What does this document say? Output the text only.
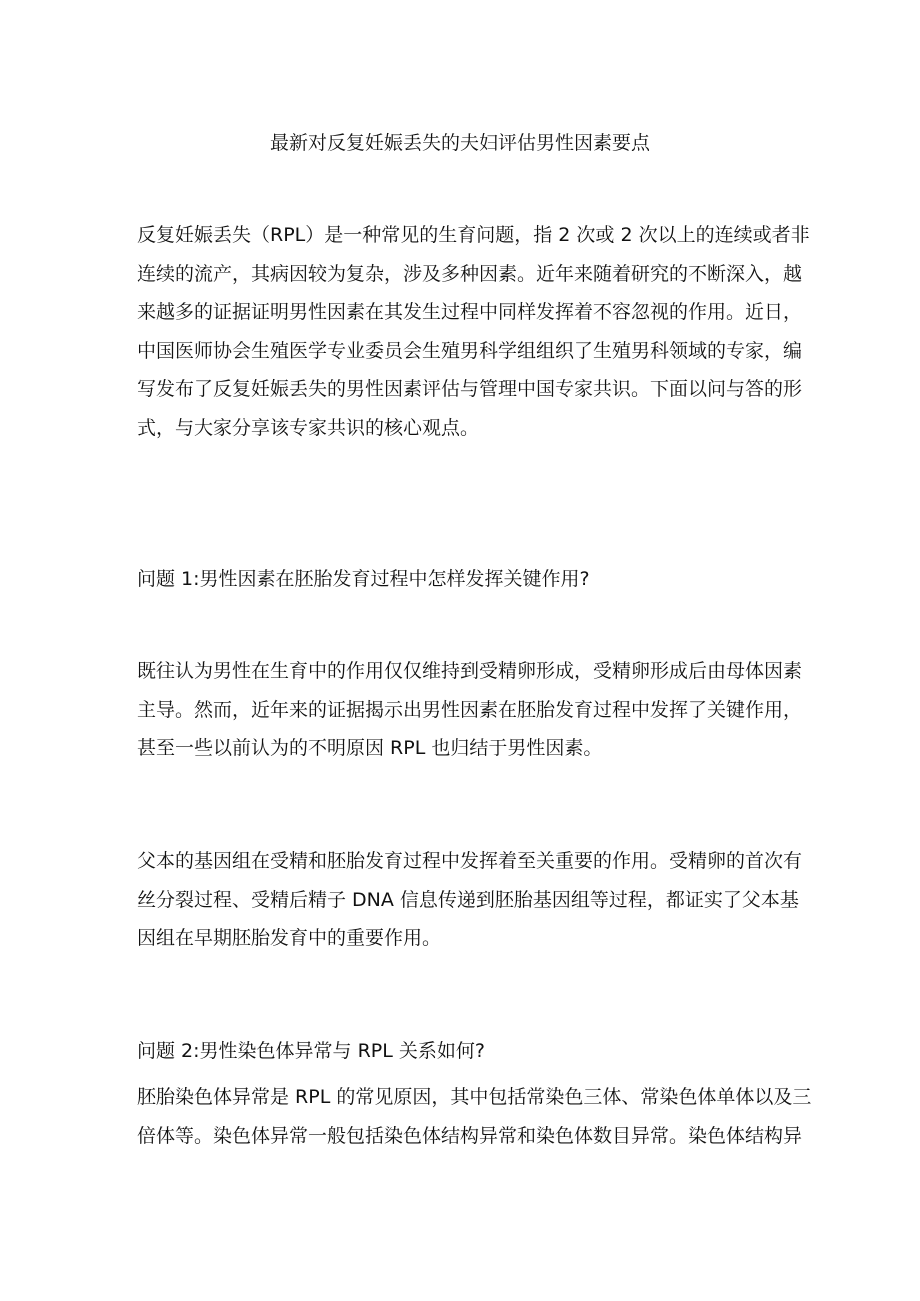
最新对反复妊娠丢失的夫妇评估男性因素要点
反复妊娠丢失（RPL）是一种常见的生育问题，指 2 次或 2 次以上的连续或者非
连续的流产，其病因较为复杂，涉及多种因素。近年来随着研究的不断深入，越
来越多的证据证明男性因素在其发生过程中同样发挥着不容忽视的作用。近日，
中国医师协会生殖医学专业委员会生殖男科学组组织了生殖男科领域的专家，编
写发布了反复妊娠丢失的男性因素评估与管理中国专家共识。下面以问与答的形
式，与大家分享该专家共识的核心观点。
问题 1:男性因素在胚胎发育过程中怎样发挥关键作用?
既往认为男性在生育中的作用仅仅维持到受精卵形成，受精卵形成后由母体因素
主导。然而，近年来的证据揭示出男性因素在胚胎发育过程中发挥了关键作用，
甚至一些以前认为的不明原因 RPL 也归结于男性因素。
父本的基因组在受精和胚胎发育过程中发挥着至关重要的作用。受精卵的首次有
丝分裂过程、受精后精子 DNA 信息传递到胚胎基因组等过程，都证实了父本基
因组在早期胚胎发育中的重要作用。
问题 2:男性染色体异常与 RPL 关系如何?
胚胎染色体异常是 RPL 的常见原因，其中包括常染色三体、常染色体单体以及三
倍体等。染色体异常一般包括染色体结构异常和染色体数目异常。染色体结构异
